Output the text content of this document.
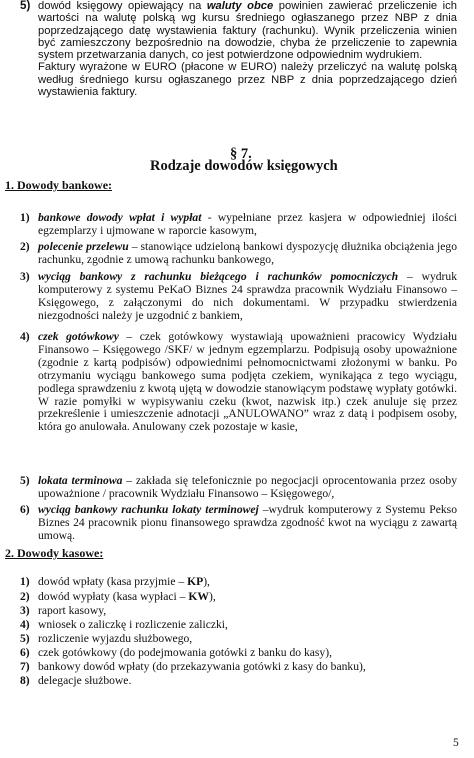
5) dowód księgowy opiewający na waluty obce powinien zawierać przeliczenie ich wartości na walutę polską wg kursu średniego ogłaszanego przez NBP z dnia poprzedzającego datę wystawienia faktury (rachunku). Wynik przeliczenia winien być zamieszczony bezpośrednio na dowodzie, chyba że przeliczenie to zapewnia system przetwarzania danych, co jest potwierdzone odpowiednim wydrukiem.
Faktury wyrażone w EURO (płacone w EURO) należy przeliczyć na walutę polską według średniego kursu ogłaszanego przez NBP z dnia poprzedzającego dzień wystawienia faktury.
§ 7.
Rodzaje dowodów księgowych
1. Dowody bankowe:
1) bankowe dowody wpłat i wypłat - wypełniane przez kasjera w odpowiedniej ilości egzemplarzy i ujmowane w raporcie kasowym,
2) polecenie przelewu – stanowiące udzieloną bankowi dyspozycję dłużnika obciążenia jego rachunku, zgodnie z umową rachunku bankowego,
3) wyciąg bankowy z rachunku bieżącego i rachunków pomocniczych – wydruk komputerowy z systemu PeKaO Biznes 24 sprawdza pracownik Wydziału Finansowo – Księgowego, z załączonymi do nich dokumentami. W przypadku stwierdzenia niezgodności należy je uzgodnić z bankiem,
4) czek gotówkowy – czek gotówkowy wystawiają upoważnieni pracowicy Wydziału Finansowo – Księgowego /SKF/ w jednym egzemplarzu. Podpisują osoby upoważnione (zgodnie z kartą podpisów) odpowiednimi pełnomocnictwami złożonymi w banku. Po otrzymaniu wyciągu bankowego suma podjęta czekiem, wynikająca z tego wyciągu, podlega sprawdzeniu z kwotą ujętą w dowodzie stanowiącym podstawę wypłaty gotówki. W razie pomyłki w wypisywaniu czeku (kwot, nazwisk itp.) czek anuluje się przez przekreślenie i umieszczenie adnotacji „ANULOWANO” wraz z datą i podpisem osoby, która go anulowała. Anulowany czek pozostaje w kasie,
5) lokata terminowa – zakłada się telefonicznie po negocjacji oprocentowania przez osoby upoważnione / pracownik Wydziału Finansowo – Księgowego/,
6) wyciąg bankowy rachunku lokaty terminowej –wydruk komputerowy z Systemu Pekso Biznes 24 pracownik pionu finansowego sprawdza zgodność kwot na wyciągu z zawartą umową.
2. Dowody kasowe:
1) dowód wpłaty (kasa przyjmie – KP),
2) dowód wypłaty (kasa wypłaci – KW),
3) raport kasowy,
4) wniosek o zaliczkę i rozliczenie zaliczki,
5) rozliczenie wyjazdu służbowego,
6) czek gotówkowy (do podejmowania gotówki z banku do kasy),
7) bankowy dowód wpłaty (do przekazywania gotówki z kasy do banku),
8) delegacje służbowe.
5
